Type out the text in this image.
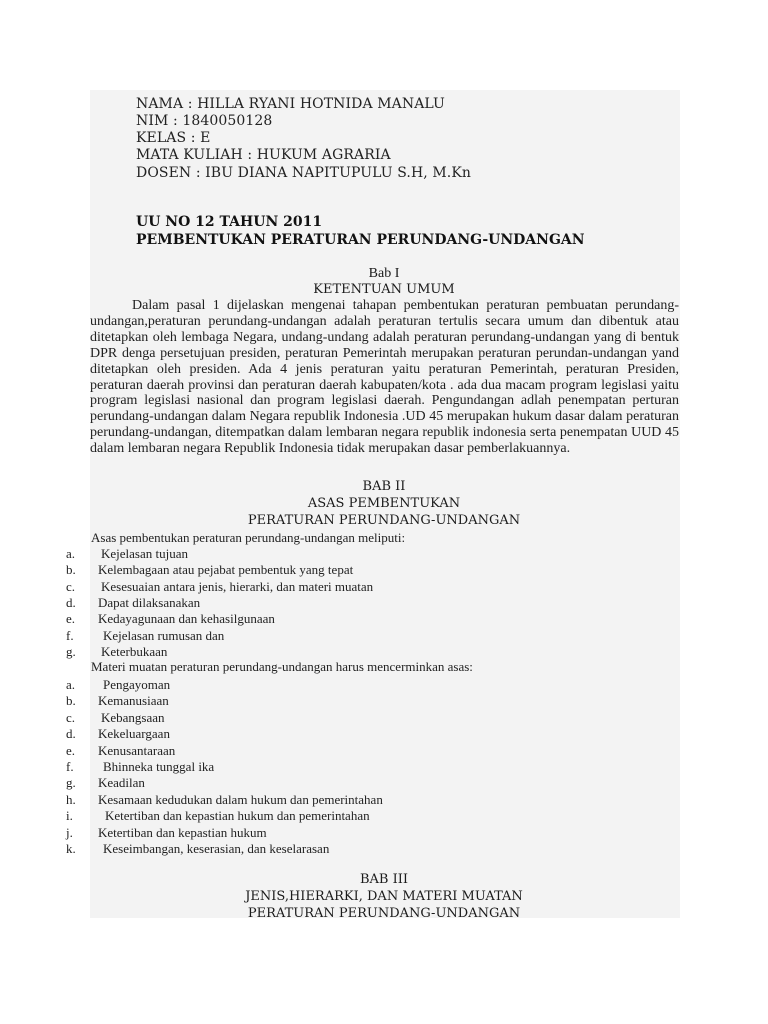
NAMA : HILLA RYANI HOTNIDA MANALU
NIM : 1840050128
KELAS : E
MATA KULIAH : HUKUM AGRARIA
DOSEN : IBU DIANA NAPITUPULU S.H, M.Kn
UU NO 12 TAHUN 2011
PEMBENTUKAN PERATURAN PERUNDANG-UNDANGAN
Bab I
KETENTUAN UMUM

Dalam pasal 1 dijelaskan mengenai tahapan pembentukan peraturan pembuatan perundang-undangan,peraturan perundang-undangan adalah peraturan tertulis secara umum dan dibentuk atau ditetapkan oleh lembaga Negara, undang-undang adalah peraturan perundang-undangan yang di bentuk DPR denga persetujuan presiden, peraturan Pemerintah merupakan peraturan perundan-undangan yand ditetapkan oleh presiden. Ada 4 jenis peraturan yaitu peraturan Pemerintah, peraturan Presiden, peraturan daerah provinsi dan peraturan daerah kabupaten/kota . ada dua macam program legislasi yaitu program legislasi nasional dan program legislasi daerah. Pengundangan adlah penempatan perturan perundang-undangan dalam Negara republik Indonesia .UD 45 merupakan hukum dasar dalam peraturan perundang-undangan, ditempatkan dalam lembaran negara republik indonesia serta penempatan UUD 45 dalam lembaran negara Republik Indonesia tidak merupakan dasar pemberlakuannya.

BAB II
ASAS PEMBENTUKAN
PERATURAN PERUNDANG-UNDANGAN
Asas pembentukan peraturan perundang-undangan meliputi:
a. Kejelasan tujuan
b. Kelembagaan atau pejabat pembentuk yang tepat
c. Kesesuaian antara jenis, hierarki, dan materi muatan
d. Dapat dilaksanakan
e. Kedayagunaan dan kehasilgunaan
f. Kejelasan rumusan dan
g. Keterbukaan
Materi muatan peraturan perundang-undangan harus mencerminkan asas:
a. Pengayoman
b. Kemanusiaan
c. Kebangsaan
d. Kekeluargaan
e. Kenusantaraan
f. Bhinneka tunggal ika
g. Keadilan
h. Kesamaan kedudukan dalam hukum dan pemerintahan
i. Ketertiban dan kepastian hukum dan pemerintahan
j. Ketertiban dan kepastian hukum
k. Keseimbangan, keserasian, dan keselarasan
BAB III
JENIS,HIERARKI, DAN MATERI MUATAN
PERATURAN PERUNDANG-UNDANGAN
